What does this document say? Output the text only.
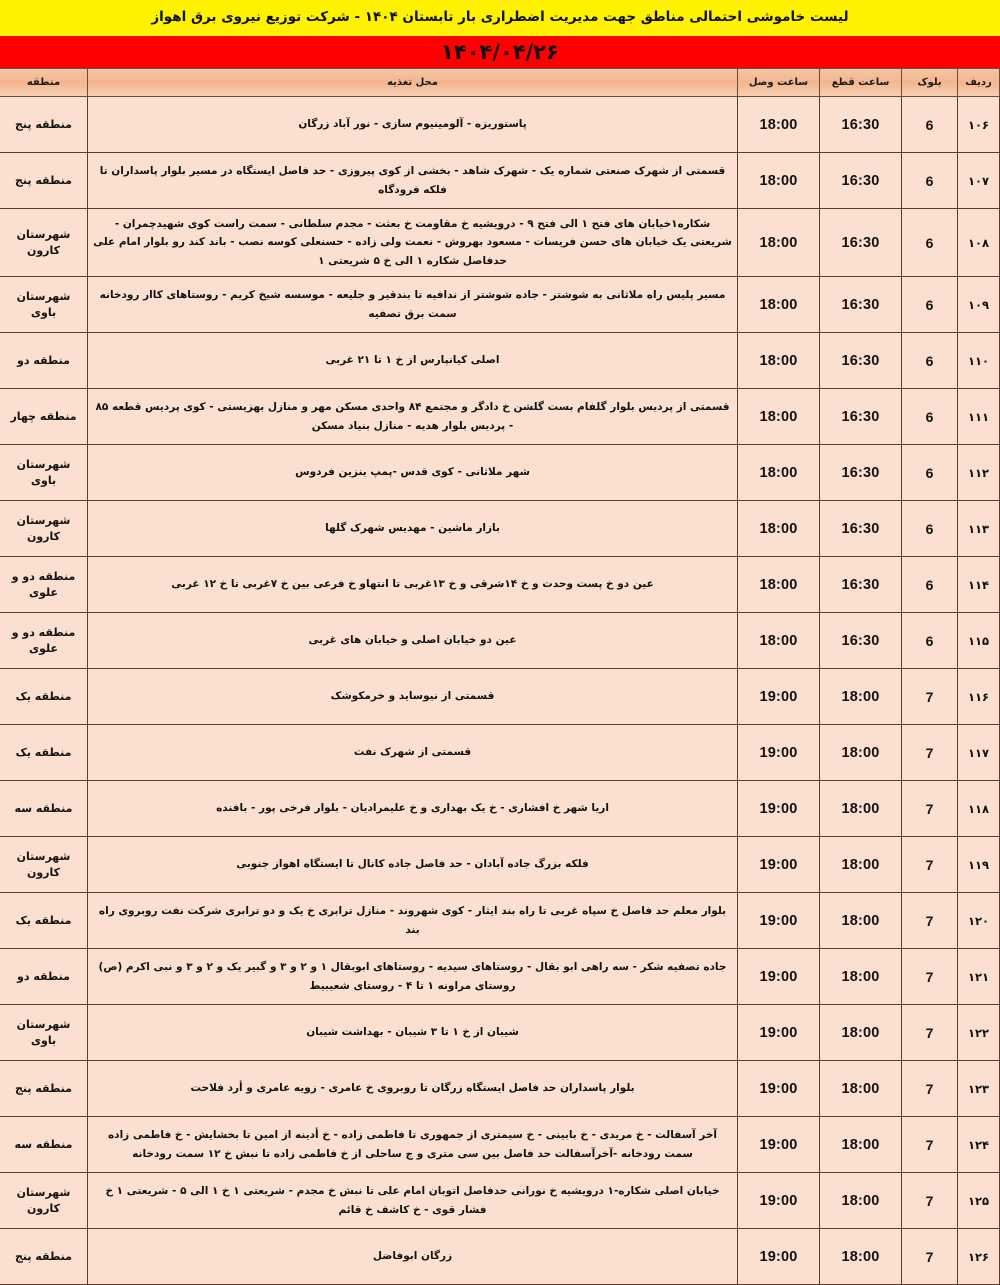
لیست خاموشی احتمالی مناطق جهت مدیریت اضطراری بار تابستان ۱۴۰۴ - شرکت توزیع نیروی برق اهواز
۱۴۰۴/۰۴/۲۶
ردیف	بلوک	ساعت قطع	ساعت وصل	محل تغذیه	منطقه
۱۰۶	6	16:30	18:00	پاستوریزه - آلومینیوم سازی - نور آباد زرگان	منطقه پنج
۱۰۷	6	16:30	18:00	قسمتی از شهرک صنعتی شماره یک - شهرک شاهد - بخشی از کوی پیروزی - حد فاصل ایستگاه در مسیر بلوار پاسداران تا فلکه فرودگاه	منطقه پنج
۱۰۸	6	16:30	18:00	شکاره۱خیابان های فتح ۱ الی فتح ۹ - درویشیه خ مقاومت خ بعثت - مجدم سلطانی - سمت راست کوی شهیدچمران - شریعتی یک خیابان های حسن فریسات - مسعود بهروش - نعمت ولی زاده - حسنعلی کوسه نصب - باند کند رو بلوار امام علی حدفاصل شکاره ۱ الی خ ۵ شریعتی ۱	شهرستان کارون
۱۰۹	6	16:30	18:00	مسیر پلیس راه ملاثانی به شوشتر - جاده شوشتر از ندافیه تا بندقیر و جلیعه - موسسه شیخ کریم - روستاهای کاار رودخانه سمت برق تصفیه	شهرستان باوی
۱۱۰	6	16:30	18:00	اصلی کیانپارس از خ ۱ تا ۲۱ غربی	منطقه دو
۱۱۱	6	16:30	18:00	قسمتی از پردیس بلوار گلفام بست گلشن خ دادگر و مجتمع ۸۴ واحدی مسکن مهر و منازل بهزیستی - کوی پردیس قطعه ۸۵ - پردیس بلوار هدیه - منازل بنیاد مسکن	منطقه چهار
۱۱۲	6	16:30	18:00	شهر ملاثانی - کوی قدس -پمپ بنزین فردوس	شهرستان باوی
۱۱۳	6	16:30	18:00	بازار ماشین - مهدیس شهرک گلها	شهرستان کارون
۱۱۴	6	16:30	18:00	عین دو خ پست وحدت و خ ۱۴شرقی و خ ۱۳غربی تا انتهاو خ فرعی بین خ ۷غربی تا خ ۱۲ غربی	منطقه دو و علوی
۱۱۵	6	16:30	18:00	عین دو خیابان اصلی و خیابان های غربی	منطقه دو و علوی
۱۱۶	7	18:00	19:00	قسمتی از نیوساید و خرمکوشک	منطقه یک
۱۱۷	7	18:00	19:00	قسمتی از شهرک نفت	منطقه یک
۱۱۸	7	18:00	19:00	اریا شهر خ افشاری - خ یک بهداری و خ علیمرادیان - بلوار فرخی پور - بافنده	منطقه سه
۱۱۹	7	18:00	19:00	فلکه بزرگ جاده آبادان - حد فاصل جاده کانال تا ایستگاه اهواز جنوبی	شهرستان کارون
۱۲۰	7	18:00	19:00	بلوار معلم حد فاصل خ سپاه غربی تا راه بند ایثار - کوی شهروند - منازل ترابری خ یک و دو ترابری شرکت نفت روبروی راه بند	منطقه یک
۱۲۱	7	18:00	19:00	جاده تصفیه شکر - سه راهی ابو بقال - روستاهای سیدیه - روستاهای ابوبقال ۱ و ۲ و ۳ و گبیر یک و ۲ و ۳ و نبی اکرم (ص) روستای مراونه ۱ تا ۴ - روستای شعیبیط	منطقه دو
۱۲۲	7	18:00	19:00	شیبان از خ ۱ تا ۳ شیبان - بهداشت شیبان	شهرستان باوی
۱۲۳	7	18:00	19:00	بلوار پاسداران حد فاصل ایستگاه زرگان تا روبروی خ عامری - زویه عامری و أرد فلاحت	منطقه پنج
۱۲۴	7	18:00	19:00	آخر آسفالت - خ مریدی - خ بابینی - خ سیمتری از جمهوری تا فاطمی زاده - خ أدینه از امین تا بخشایش - خ فاطمی زاده سمت رودخانه -آخرآسفالت حد فاصل بین سی متری و ج ساحلی از خ فاطمی زاده تا نبش خ ۱۲ سمت رودخانه	منطقه سه
۱۲۵	7	18:00	19:00	خیابان اصلی شکاره-۱ درویشیه خ نورانی حدفاصل اتوبان امام علی تا نبش خ مجدم - شریعتی ۱ خ ۱ الی ۵ - شریعتی ۱ خ فشار قوی - خ کاشف خ قائم	شهرستان کارون
۱۲۶	7	18:00	19:00	زرگان ابوفاضل	منطقه پنج
